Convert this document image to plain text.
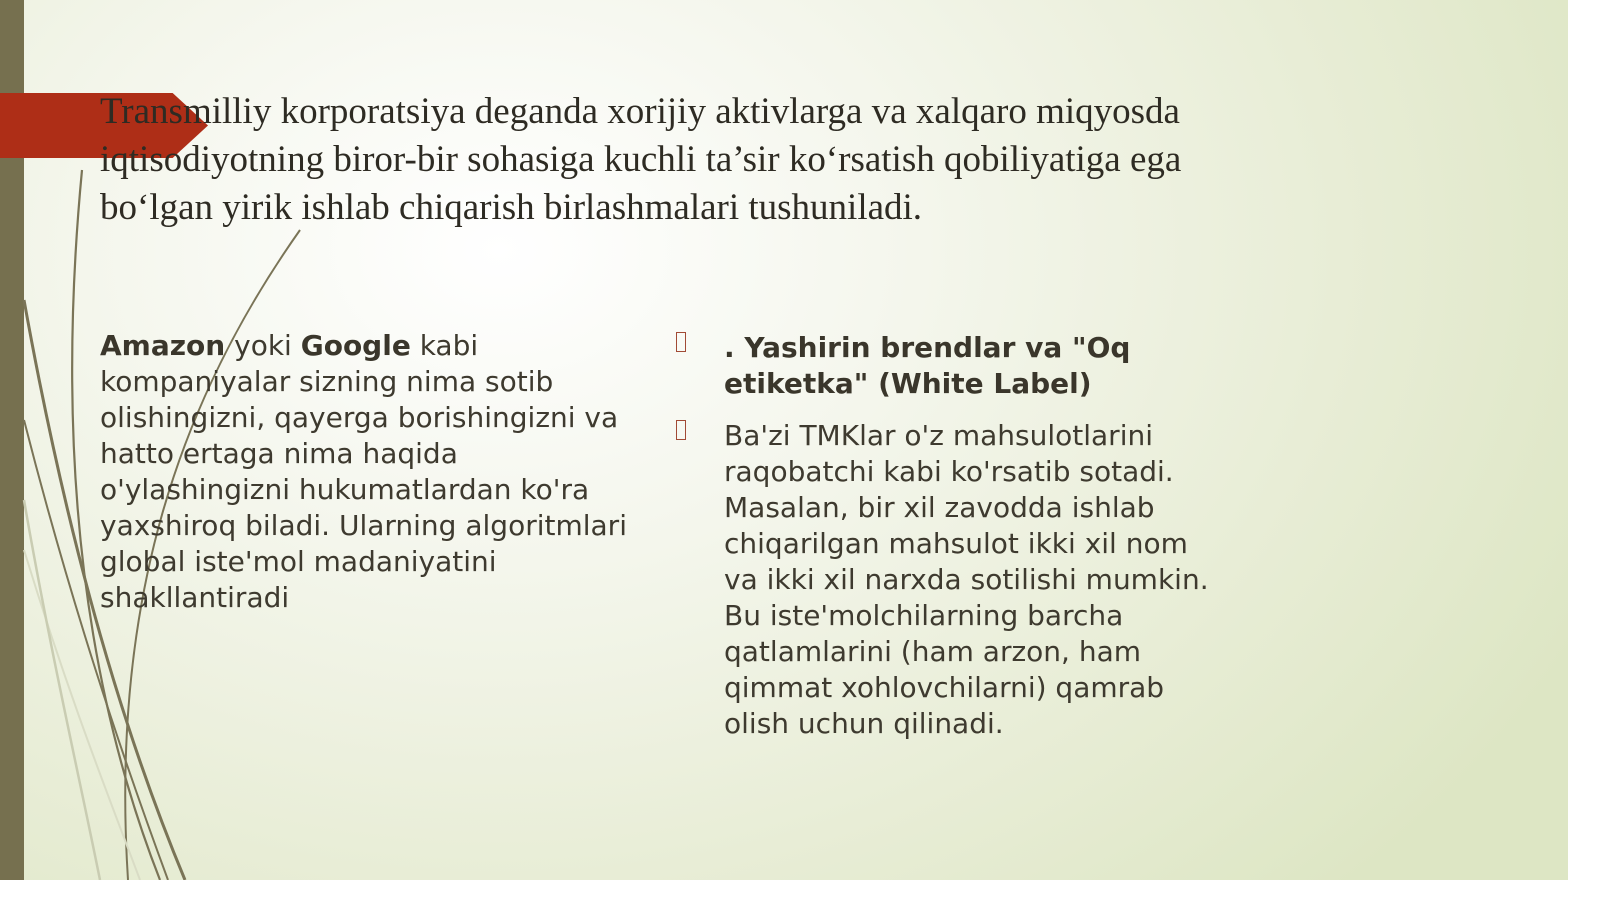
Transmilliy korporatsiya deganda xorijiy aktivlarga va xalqaro miqyosda iqtisodiyotning biror-bir sohasiga kuchli ta’sir ko‘rsatish qobiliyatiga ega bo‘lgan yirik ishlab chiqarish birlashmalari tushuniladi.
Amazon yoki Google kabi kompaniyalar sizning nima sotib olishingizni, qayerga borishingizni va hatto ertaga nima haqida o'ylashingizni hukumatlardan ko'ra yaxshiroq biladi. Ularning algoritmlari global iste'mol madaniyatini shakllantiradi
. Yashirin brendlar va "Oq etiketka" (White Label)
Ba'zi TMKlar o'z mahsulotlarini raqobatchi kabi ko'rsatib sotadi. Masalan, bir xil zavodda ishlab chiqarilgan mahsulot ikki xil nom va ikki xil narxda sotilishi mumkin. Bu iste'molchilarning barcha qatlamlarini (ham arzon, ham qimmat xohlovchilarni) qamrab olish uchun qilinadi.
